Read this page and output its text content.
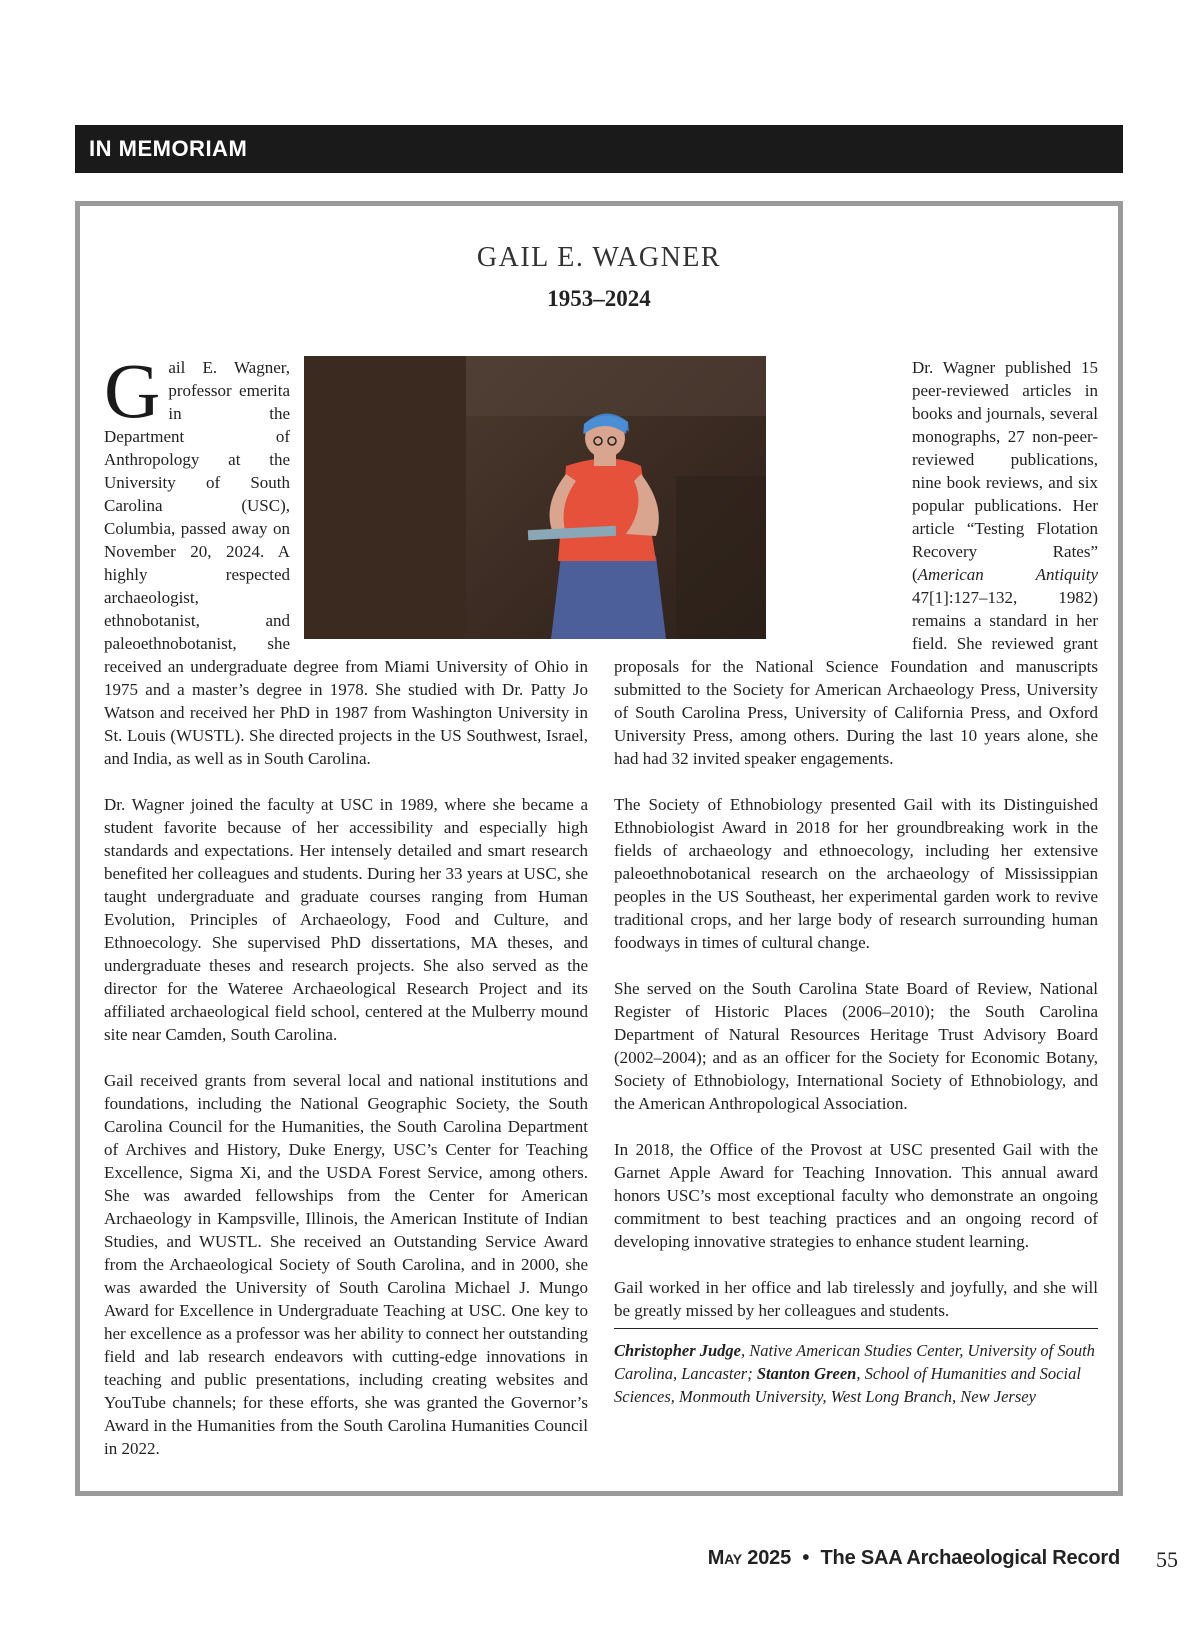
IN MEMORIAM
GAIL E. WAGNER
1953–2024

G ail E. Wagner, professor emerita in the Department of Anthropology at the University of South Carolina (USC), Columbia, passed away on November 20, 2024. A highly respected archaeologist, ethnobotanist, and paleoethnobotanist, she received an undergraduate degree from Miami University of Ohio in 1975 and a master’s degree in 1978. She studied with Dr. Patty Jo Watson and received her PhD in 1987 from Washington University in St. Louis (WUSTL). She directed projects in the US Southwest, Israel, and India, as well as in South Carolina.

Dr. Wagner joined the faculty at USC in 1989, where she became a student favorite because of her accessibility and especially high standards and expectations. Her intensely detailed and smart research benefited her colleagues and students. During her 33 years at USC, she taught undergraduate and graduate courses ranging from Human Evolution, Principles of Archaeology, Food and Culture, and Ethnoecology. She supervised PhD dissertations, MA theses, and undergraduate theses and research projects. She also served as the director for the Wateree Archaeological Research Project and its affiliated archaeological field school, centered at the Mulberry mound site near Camden, South Carolina.

Gail received grants from several local and national institutions and foundations, including the National Geographic Society, the South Carolina Council for the Humanities, the South Carolina Department of Archives and History, Duke Energy, USC’s Center for Teaching Excellence, Sigma Xi, and the USDA Forest Service, among others. She was awarded fellowships from the Center for American Archaeology in Kampsville, Illinois, the American Institute of Indian Studies, and WUSTL. She received an Outstanding Service Award from the Archaeological Society of South Carolina, and in 2000, she was awarded the University of South Carolina Michael J. Mungo Award for Excellence in Undergraduate Teaching at USC. One key to her excellence as a professor was her ability to connect her outstanding field and lab research endeavors with cutting-edge innovations in teaching and public presentations, including creating websites and YouTube channels; for these efforts, she was granted the Governor’s Award in the Humanities from the South Carolina Humanities Council in 2022.

Dr. Wagner published 15 peer-reviewed articles in books and journals, several monographs, 27 non-peer-reviewed publications, nine book reviews, and six popular publications. Her article “Testing Flotation Recovery Rates” (American Antiquity 47[1]:127–132, 1982) remains a standard in her field. She reviewed grant proposals for the National Science Foundation and manuscripts submitted to the Society for American Archaeology Press, University of South Carolina Press, University of California Press, and Oxford University Press, among others. During the last 10 years alone, she had had 32 invited speaker engagements.

The Society of Ethnobiology presented Gail with its Distinguished Ethnobiologist Award in 2018 for her groundbreaking work in the fields of archaeology and ethnoecology, including her extensive paleoethnobotanical research on the archaeology of Mississippian peoples in the US Southeast, her experimental garden work to revive traditional crops, and her large body of research surrounding human foodways in times of cultural change.

She served on the South Carolina State Board of Review, National Register of Historic Places (2006–2010); the South Carolina Department of Natural Resources Heritage Trust Advisory Board (2002–2004); and as an officer for the Society for Economic Botany, Society of Ethnobiology, International Society of Ethnobiology, and the American Anthropological Association.

In 2018, the Office of the Provost at USC presented Gail with the Garnet Apple Award for Teaching Innovation. This annual award honors USC’s most exceptional faculty who demonstrate an ongoing commitment to best teaching practices and an ongoing record of developing innovative strategies to enhance student learning.

Gail worked in her office and lab tirelessly and joyfully, and she will be greatly missed by her colleagues and students.

Christopher Judge, Native American Studies Center, University of South Carolina, Lancaster; Stanton Green, School of Humanities and Social Sciences, Monmouth University, West Long Branch, New Jersey
May 2025 • The SAA Archaeological Record 55
